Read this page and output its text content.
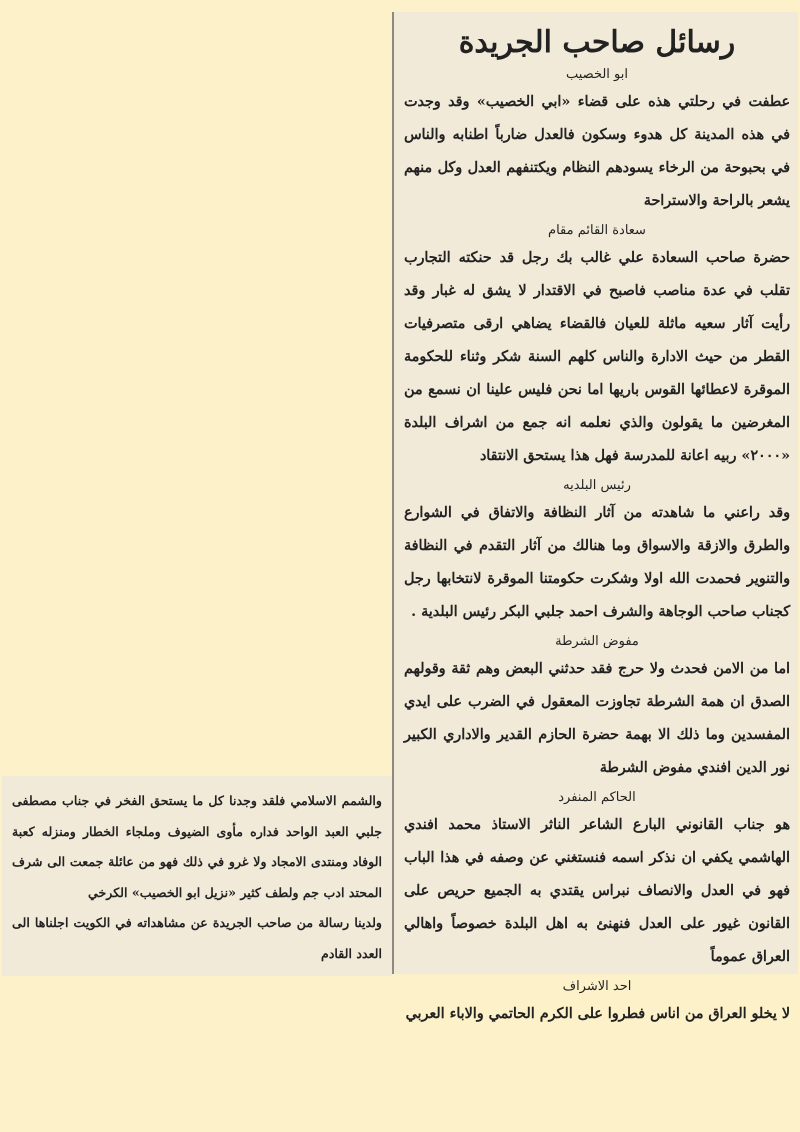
رسائل صاحب الجريدة
ابو الخصيب

عطفت في رحلتي هذه على قضاء «ابي الخصيب» وقد وجدت في هذه المدينة كل هدوء وسكون فالعدل ضارباً اطنابه والناس في بحبوحة من الرخاء يسودهم النظام ويكتنفهم العدل وكل منهم يشعر بالراحة والاستراحة

سعادة القائم مقام

حضرة صاحب السعادة علي غالب بك رجل قد حنكته التجارب تقلب في عدة مناصب فاصبح في الاقتدار لا يشق له غبار وقد رأيت آثار سعيه ماثلة للعيان فالقضاء يضاهي ارقى متصرفيات القطر من حيث الادارة والناس كلهم السنة شكر وثناء للحكومة الموقرة لاعطائها القوس باريها اما نحن فليس علينا ان نسمع من المغرضين ما يقولون والذي نعلمه انه جمع من اشراف البلدة «٢٠٠٠» ربيه اعانة للمدرسة فهل هذا يستحق الانتقاد

رئيس البلديه

وقد راعني ما شاهدته من آثار النظافة والاتفاق في الشوارع والطرق والازقة والاسواق وما هنالك من آثار التقدم في النظافة والتنوير فحمدت الله اولا وشكرت حكومتنا الموقرة لانتخابها رجل كجناب صاحب الوجاهة والشرف احمد جلبي البكر رئيس البلدية .

مفوض الشرطة

اما من الامن فحدث ولا حرج فقد حدثني البعض وهم ثقة وقولهم الصدق ان همة الشرطة تجاوزت المعقول في الضرب على ايدي المفسدين وما ذلك الا بهمة حضرة الحازم القدير والاداري الكبير نور الدين افندي مفوض الشرطة

الحاكم المنفرد

هو جناب القانوني البارع الشاعر الناثر الاستاذ محمد افندي الهاشمي يكفي ان نذكر اسمه فنستغني عن وصفه في هذا الباب فهو في العدل والانصاف نبراس يقتدي به الجميع حريص على القانون غيور على العدل فنهنئ به اهل البلدة خصوصاً واهالي العراق عموماً

احد الاشراف

لا يخلو العراق من اناس فطروا على الكرم الحاتمي والاباء العربي

والشمم الاسلامي فلقد وجدنا كل ما يستحق الفخر في جناب مصطفى جلبي العبد الواحد فداره مأوى الضيوف وملجاء الخطار ومنزله كعبة الوفاد ومنتدى الامجاد ولا غرو في ذلك فهو من عائلة جمعت الى شرف المحتد ادب جم ولطف كثير «نزيل ابو الخصيب» الكرخي

ولدينا رسالة من صاحب الجريدة عن مشاهداته في الكويت اجلناها الى العدد القادم
